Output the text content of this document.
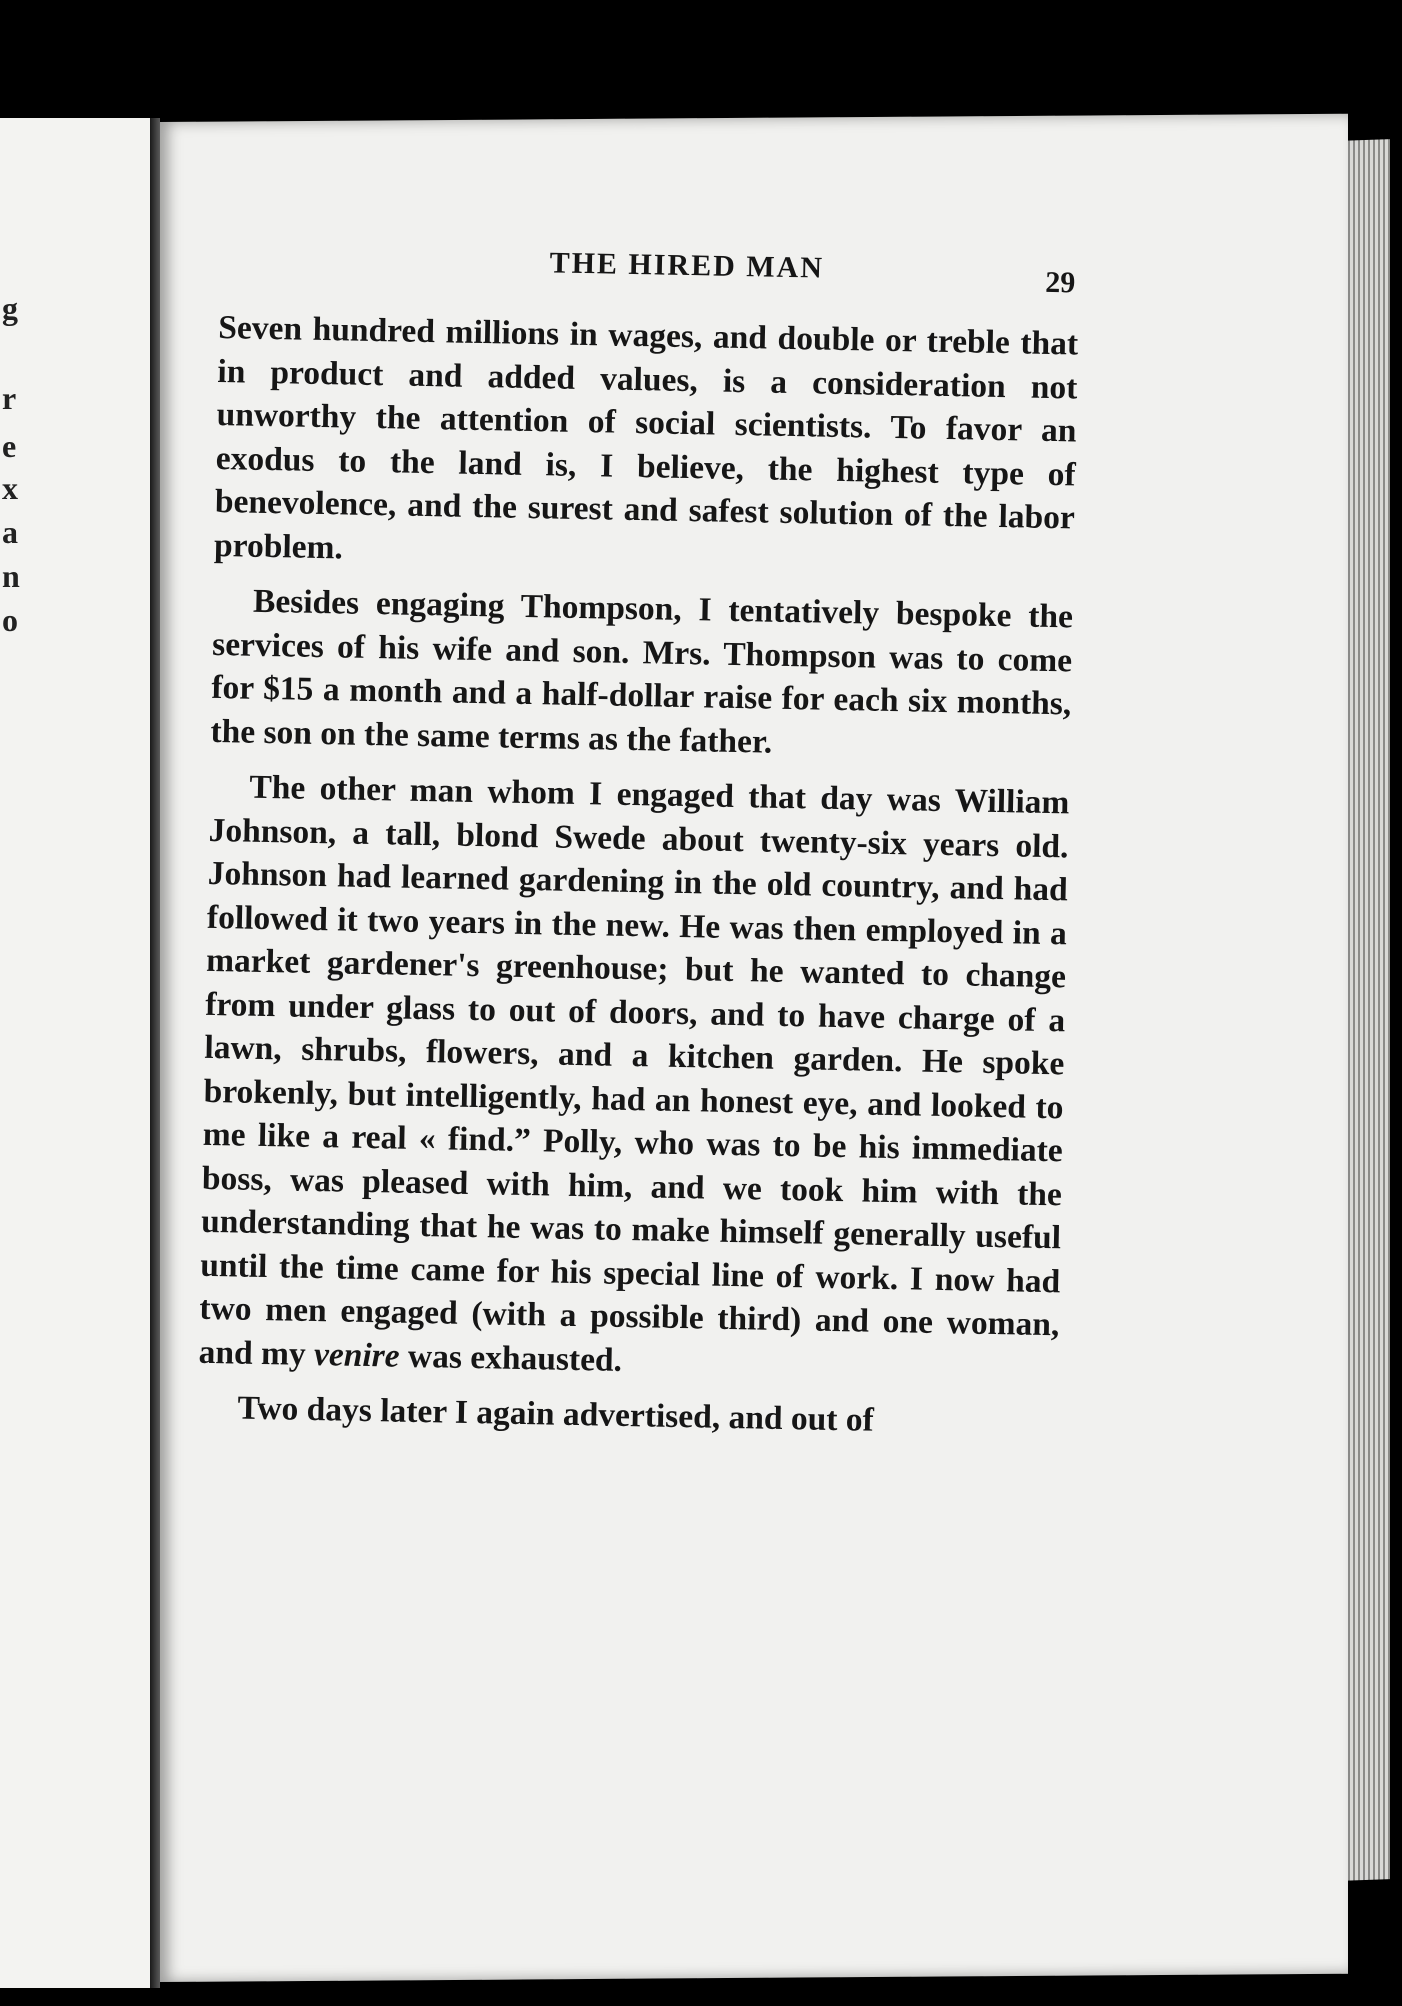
g
r
e
x
a
n
o
THE HIRED MAN	29

Seven hundred millions in wages, and double or treble that in product and added values, is a consideration not unworthy the attention of social scientists. To favor an exodus to the land is, I believe, the highest type of benevolence, and the surest and safest solution of the labor problem.

Besides engaging Thompson, I tentatively bespoke the services of his wife and son. Mrs. Thompson was to come for $15 a month and a half-dollar raise for each six months, the son on the same terms as the father.

The other man whom I engaged that day was William Johnson, a tall, blond Swede about twenty-six years old. Johnson had learned gardening in the old country, and had followed it two years in the new. He was then employed in a market gardener's greenhouse; but he wanted to change from under glass to out of doors, and to have charge of a lawn, shrubs, flowers, and a kitchen garden. He spoke brokenly, but intelligently, had an honest eye, and looked to me like a real « find.” Polly, who was to be his immediate boss, was pleased with him, and we took him with the understanding that he was to make himself generally useful until the time came for his special line of work. I now had two men engaged (with a possible third) and one woman, and my venire was exhausted.

Two days later I again advertised, and out of
